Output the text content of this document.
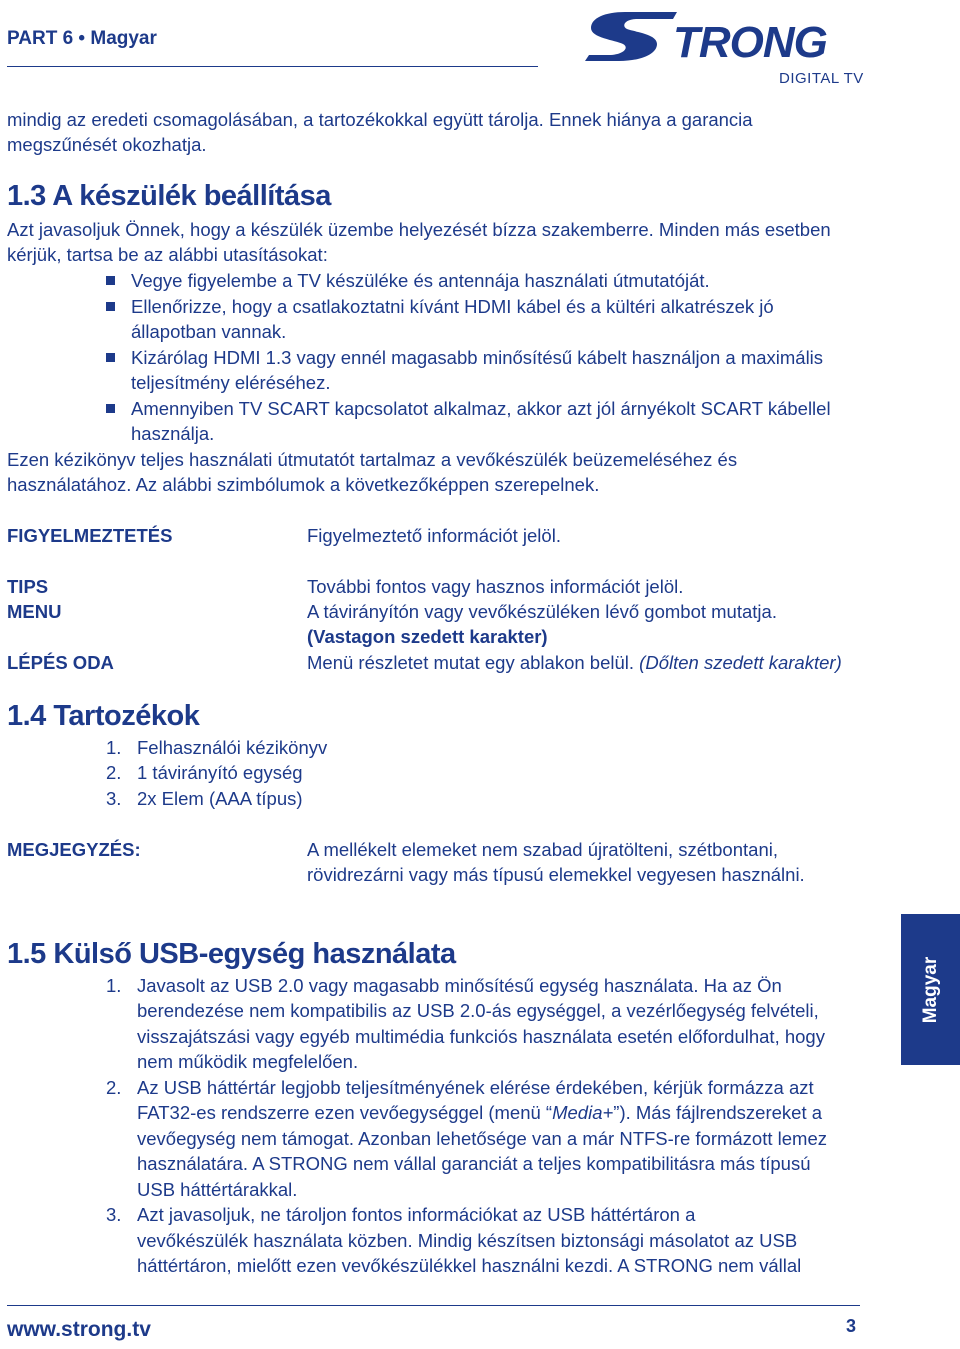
PART 6 • Magyar	TRONG
DIGITAL TV
mindig az eredeti csomagolásában, a tartozékokkal együtt tárolja. Ennek hiánya a garancia
megszűnését okozhatja.
1.3 A készülék beállítása
Azt javasoljuk Önnek, hogy a készülék üzembe helyezését bízza szakemberre. Minden más esetben
kérjük, tartsa be az alábbi utasításokat:
Vegye figyelembe a TV készüléke és antennája használati útmutatóját.
Ellenőrizze, hogy a csatlakoztatni kívánt HDMI kábel és a kültéri alkatrészek jó
állapotban vannak.
Kizárólag HDMI 1.3 vagy ennél magasabb minősítésű kábelt használjon a maximális
teljesítmény eléréséhez.
Amennyiben TV SCART kapcsolatot alkalmaz, akkor azt jól árnyékolt SCART kábellel
használja.
Ezen kézikönyv teljes használati útmutatót tartalmaz a vevőkészülék beüzemeléséhez és
használatához. Az alábbi szimbólumok a következőképpen szerepelnek.
FIGYELMEZTETÉS	Figyelmeztető információt jelöl.
TIPS	További fontos vagy hasznos információt jelöl.
MENU	A távirányítón vagy vevőkészüléken lévő gombot mutatja.
(Vastagon szedett karakter)
LÉPÉS ODA	Menü részletet mutat egy ablakon belül. (Dőlten szedett karakter)
1.4 Tartozékok
1. Felhasználói kézikönyv
2. 1 távirányító egység
3. 2x Elem (AAA típus)
MEGJEGYZÉS:	A mellékelt elemeket nem szabad újratölteni, szétbontani,
rövidrezárni vagy más típusú elemekkel vegyesen használni.
1.5 Külső USB-egység használata
1. Javasolt az USB 2.0 vagy magasabb minősítésű egység használata. Ha az Ön
berendezése nem kompatibilis az USB 2.0-ás egységgel, a vezérlőegység felvételi,
visszajátszási vagy egyéb multimédia funkciós használata esetén előfordulhat, hogy
nem működik megfelelően.
2. Az USB háttértár legjobb teljesítményének elérése érdekében, kérjük formázza azt
FAT32-es rendszerre ezen vevőegységgel (menü “Media+”). Más fájlrendszereket a
vevőegység nem támogat. Azonban lehetősége van a már NTFS-re formázott lemez
használatára. A STRONG nem vállal garanciát a teljes kompatibilitásra más típusú
USB háttértárakkal.
3. Azt javasoljuk, ne tároljon fontos információkat az USB háttértáron a
vevőkészülék használata közben. Mindig készítsen biztonsági másolatot az USB
háttértáron, mielőtt ezen vevőkészülékkel használni kezdi. A STRONG nem vállal
Magyar
www.strong.tv	3
